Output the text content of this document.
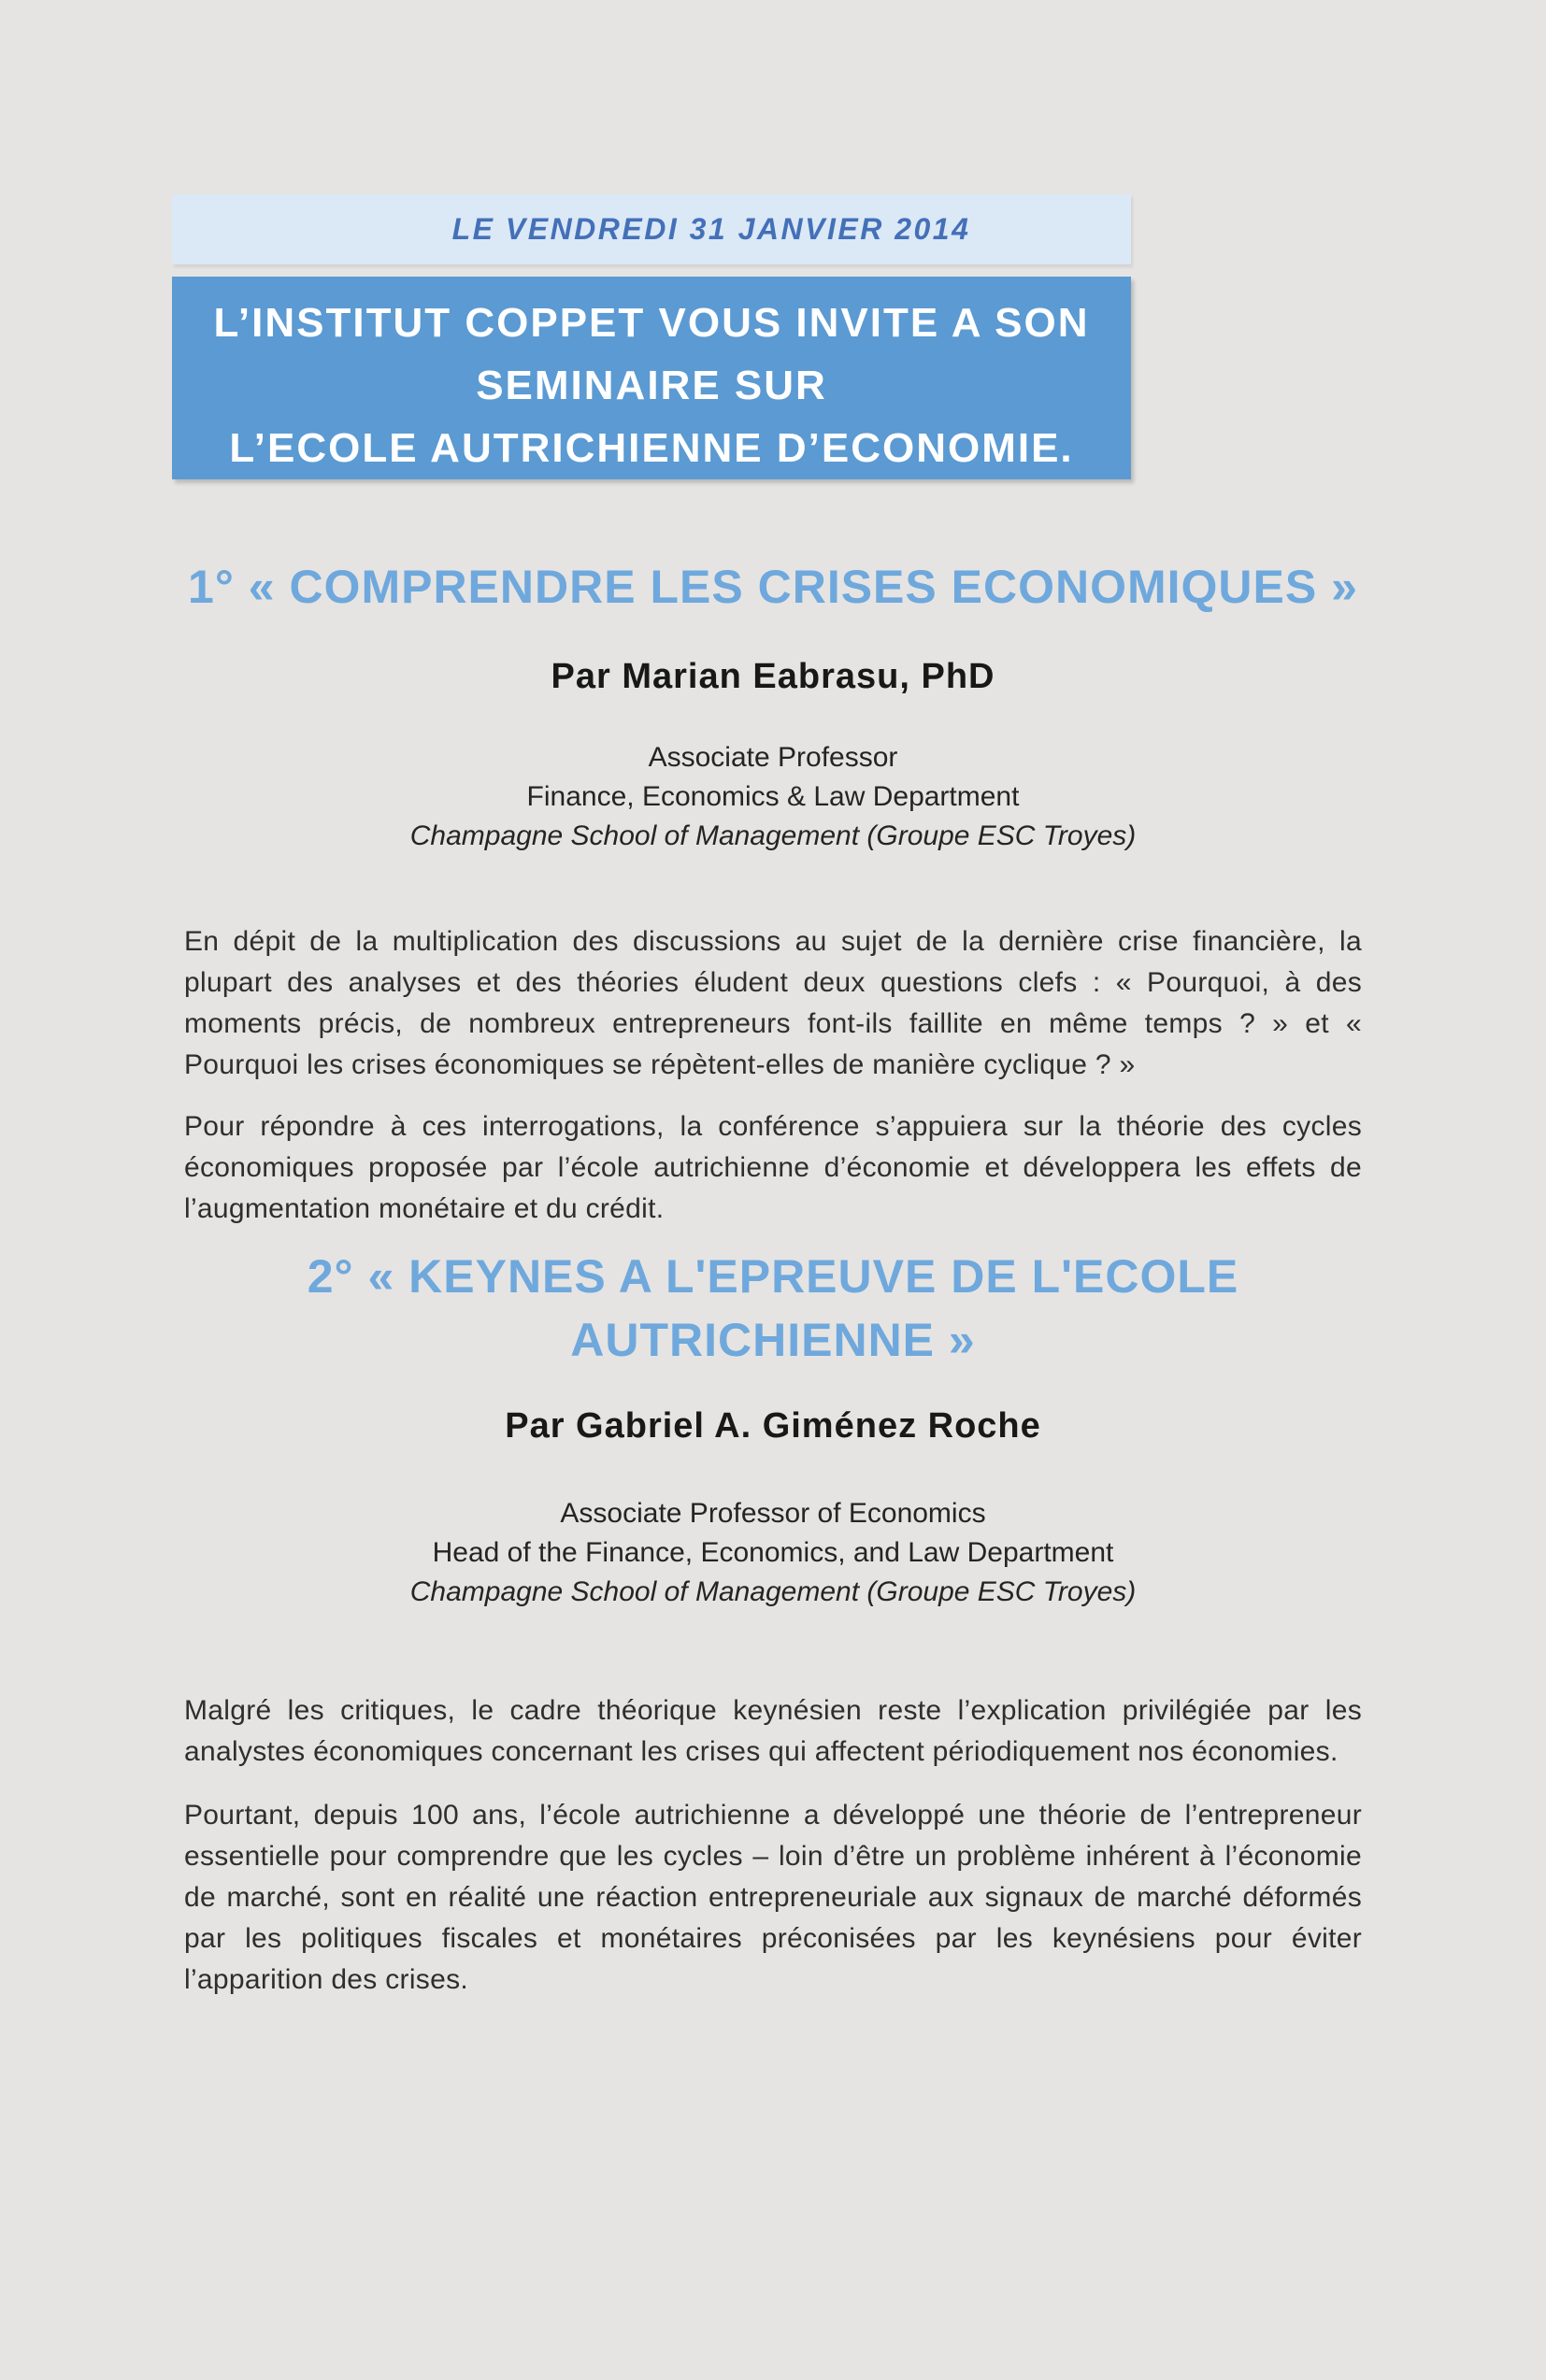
LE VENDREDI 31 JANVIER 2014
L’INSTITUT COPPET VOUS INVITE A SON
SEMINAIRE SUR
L’ECOLE AUTRICHIENNE D’ECONOMIE.
1° « COMPRENDRE LES CRISES ECONOMIQUES »
Par Marian Eabrasu, PhD
Associate Professor
Finance, Economics & Law Department
Champagne School of Management (Groupe ESC Troyes)

En dépit de la multiplication des discussions au sujet de la dernière crise financière, la plupart des analyses et des théories éludent deux questions clefs : « Pourquoi, à des moments précis, de nombreux entrepreneurs font-ils faillite en même temps ? » et « Pourquoi les crises économiques se répètent-elles de manière cyclique ? »

Pour répondre à ces interrogations, la conférence s’appuiera sur la théorie des cycles économiques proposée par l’école autrichienne d’économie et développera les effets de l’augmentation monétaire et du crédit.

2° « KEYNES A L'EPREUVE DE L'ECOLE
AUTRICHIENNE »
Par Gabriel A. Giménez Roche
Associate Professor of Economics
Head of the Finance, Economics, and Law Department
Champagne School of Management (Groupe ESC Troyes)

Malgré les critiques, le cadre théorique keynésien reste l’explication privilégiée par les analystes économiques concernant les crises qui affectent périodiquement nos économies.

Pourtant, depuis 100 ans, l’école autrichienne a développé une théorie de l’entrepreneur essentielle pour comprendre que les cycles – loin d’être un problème inhérent à l’économie de marché, sont en réalité une réaction entrepreneuriale aux signaux de marché déformés par les politiques fiscales et monétaires préconisées par les keynésiens pour éviter l’apparition des crises.
